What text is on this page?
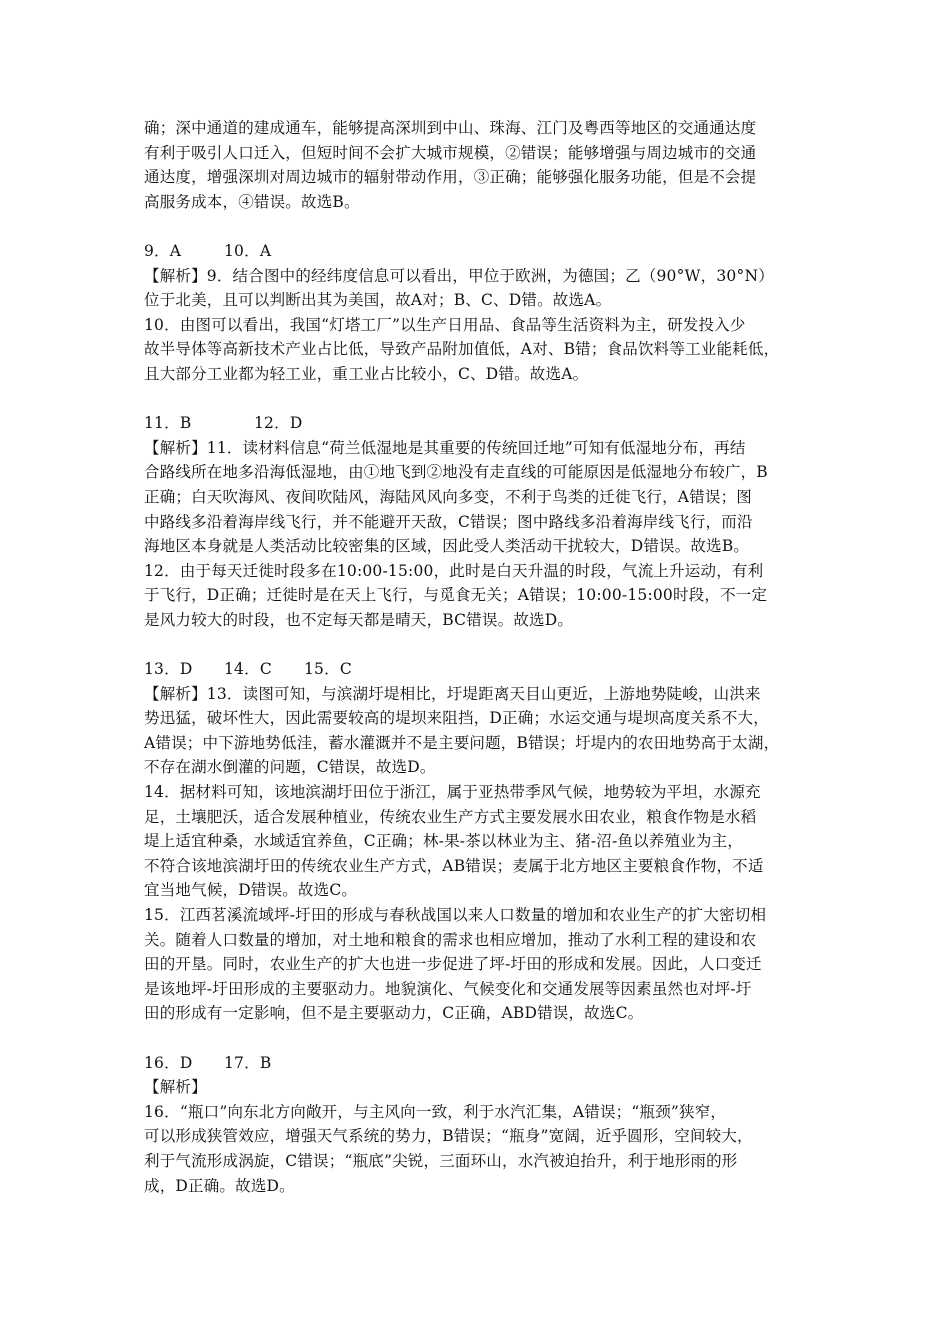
确；深中通道的建成通车，能够提高深圳到中山、珠海、江门及粤西等地区的交通通达度
有利于吸引人口迁入，但短时间不会扩大城市规模，②错误；能够增强与周边城市的交通
通达度，增强深圳对周边城市的辐射带动作用，③正确；能够强化服务功能，但是不会提
高服务成本，④错误。故选B。
9．A	10．A
【解析】9．结合图中的经纬度信息可以看出，甲位于欧洲，为德国；乙（90°W，30°N）
位于北美，且可以判断出其为美国，故A对；B、C、D错。故选A。
10．由图可以看出，我国“灯塔工厂”以生产日用品、食品等生活资料为主，研发投入少
故半导体等高新技术产业占比低，导致产品附加值低，A对、B错；食品饮料等工业能耗低，
且大部分工业都为轻工业，重工业占比较小，C、D错。故选A。
11．B	12．D
【解析】11．读材料信息“荷兰低湿地是其重要的传统回迁地”可知有低湿地分布，再结
合路线所在地多沿海低湿地，由①地飞到②地没有走直线的可能原因是低湿地分布较广，B
正确；白天吹海风、夜间吹陆风，海陆风风向多变，不利于鸟类的迁徙飞行，A错误；图
中路线多沿着海岸线飞行，并不能避开天敌，C错误；图中路线多沿着海岸线飞行，而沿
海地区本身就是人类活动比较密集的区域，因此受人类活动干扰较大，D错误。故选B。
12．由于每天迁徙时段多在10:00-15:00，此时是白天升温的时段，气流上升运动，有利
于飞行，D正确；迁徙时是在天上飞行，与觅食无关；A错误；10:00-15:00时段，不一定
是风力较大的时段，也不定每天都是晴天，BC错误。故选D。
13．D 14．C 15．C
【解析】13．读图可知，与滨湖圩堤相比，圩堤距离天目山更近，上游地势陡峻，山洪来
势迅猛，破坏性大，因此需要较高的堤坝来阻挡，D正确；水运交通与堤坝高度关系不大，
A错误；中下游地势低洼，蓄水灌溉并不是主要问题，B错误；圩堤内的农田地势高于太湖，
不存在湖水倒灌的问题，C错误，故选D。
14．据材料可知，该地滨湖圩田位于浙江，属于亚热带季风气候，地势较为平坦，水源充
足，土壤肥沃，适合发展种植业，传统农业生产方式主要发展水田农业，粮食作物是水稻
堤上适宜种桑，水域适宜养鱼，C正确；林-果-茶以林业为主、猪-沼-鱼以养殖业为主，
不符合该地滨湖圩田的传统农业生产方式，AB错误；麦属于北方地区主要粮食作物，不适
宜当地气候，D错误。故选C。
15．江西茗溪流域坪-圩田的形成与春秋战国以来人口数量的增加和农业生产的扩大密切相
关。随着人口数量的增加，对土地和粮食的需求也相应增加，推动了水利工程的建设和农
田的开垦。同时，农业生产的扩大也进一步促进了坪-圩田的形成和发展。因此，人口变迁
是该地坪-圩田形成的主要驱动力。地貌演化、气候变化和交通发展等因素虽然也对坪-圩
田的形成有一定影响，但不是主要驱动力，C正确，ABD错误，故选C。
16．D 17．B
【解析】
16．“瓶口”向东北方向敞开，与主风向一致，利于水汽汇集，A错误；“瓶颈”狭窄，
可以形成狭管效应，增强天气系统的势力，B错误；“瓶身”宽阔，近乎圆形，空间较大，
利于气流形成涡旋，C错误；“瓶底”尖锐，三面环山，水汽被迫抬升，利于地形雨的形
成，D正确。故选D。
